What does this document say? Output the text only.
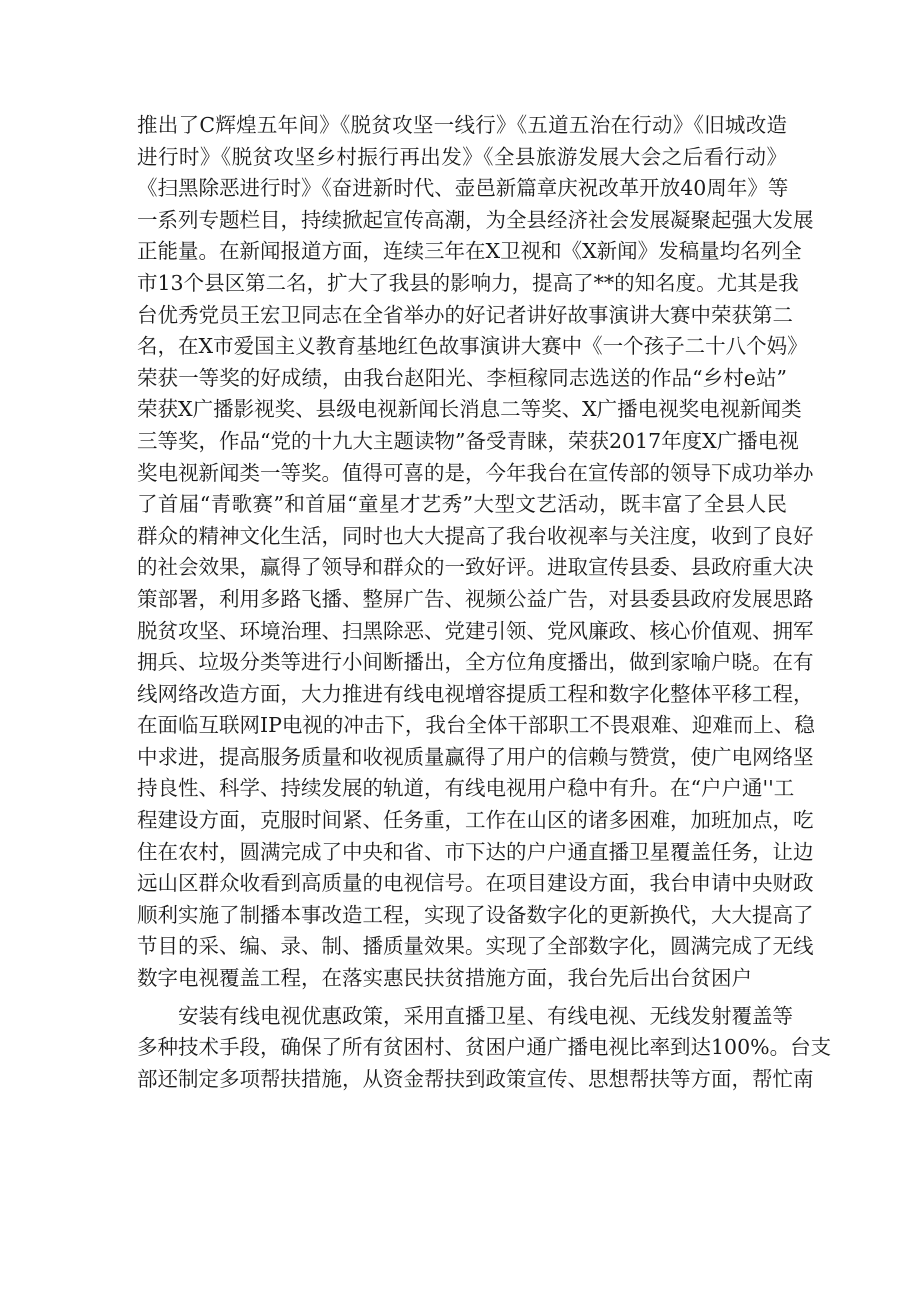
推出了C辉煌五年间》《脱贫攻坚一线行》《五道五治在行动》《旧城改造
进行时》《脱贫攻坚乡村振行再出发》《全县旅游发展大会之后看行动》
《扫黑除恶进行时》《奋进新时代、壶邑新篇章庆祝改革开放40周年》等
一系列专题栏目，持续掀起宣传高潮，为全县经济社会发展凝聚起强大发展
正能量。在新闻报道方面，连续三年在X卫视和《X新闻》发稿量均名列全
市13个县区第二名，扩大了我县的影响力，提高了**的知名度。尤其是我
台优秀党员王宏卫同志在全省举办的好记者讲好故事演讲大赛中荣获第二
名，在X市爱国主义教育基地红色故事演讲大赛中《一个孩子二十八个妈》
荣获一等奖的好成绩，由我台赵阳光、李桓稼同志选送的作品“乡村e站”
荣获X广播影视奖、县级电视新闻长消息二等奖、X广播电视奖电视新闻类
三等奖，作品“党的十九大主题读物”备受青睐，荣获2017年度X广播电视
奖电视新闻类一等奖。值得可喜的是，今年我台在宣传部的领导下成功举办
了首届“青歌赛”和首届“童星才艺秀”大型文艺活动，既丰富了全县人民
群众的精神文化生活，同时也大大提高了我台收视率与关注度，收到了良好
的社会效果，赢得了领导和群众的一致好评。进取宣传县委、县政府重大决
策部署，利用多路飞播、整屏广告、视频公益广告，对县委县政府发展思路
脱贫攻坚、环境治理、扫黑除恶、党建引领、党风廉政、核心价值观、拥军
拥兵、垃圾分类等进行小间断播出，全方位角度播出，做到家喻户晓。在有
线网络改造方面，大力推进有线电视增容提质工程和数字化整体平移工程，
在面临互联网IP电视的冲击下，我台全体干部职工不畏艰难、迎难而上、稳
中求进，提高服务质量和收视质量赢得了用户的信赖与赞赏，使广电网络坚
持良性、科学、持续发展的轨道，有线电视用户稳中有升。在“户户通''工
程建设方面，克服时间紧、任务重，工作在山区的诸多困难，加班加点，吃
住在农村，圆满完成了中央和省、市下达的户户通直播卫星覆盖任务，让边
远山区群众收看到高质量的电视信号。在项目建设方面，我台申请中央财政
顺利实施了制播本事改造工程，实现了设备数字化的更新换代，大大提高了
节目的采、编、录、制、播质量效果。实现了全部数字化，圆满完成了无线
数字电视覆盖工程，在落实惠民扶贫措施方面，我台先后出台贫困户
安装有线电视优惠政策，采用直播卫星、有线电视、无线发射覆盖等
多种技术手段，确保了所有贫困村、贫困户通广播电视比率到达100%。台支
部还制定多项帮扶措施，从资金帮扶到政策宣传、思想帮扶等方面，帮忙南
